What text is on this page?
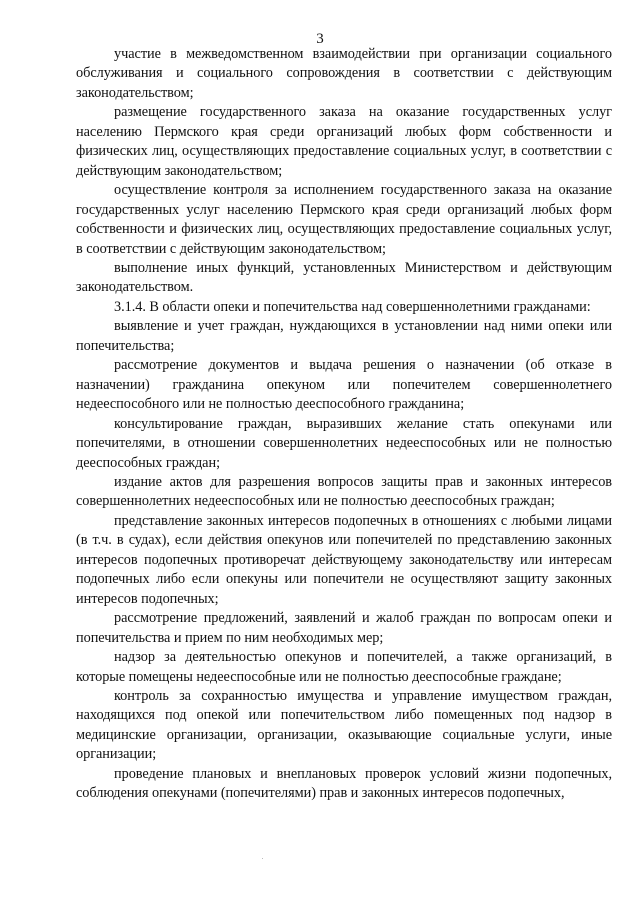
3

участие в межведомственном взаимодействии при организации социального обслуживания и социального сопровождения в соответствии с действующим законодательством;

размещение государственного заказа на оказание государственных услуг населению Пермского края среди организаций любых форм собственности и физических лиц, осуществляющих предоставление социальных услуг, в соответствии с действующим законодательством;

осуществление контроля за исполнением государственного заказа на оказание государственных услуг населению Пермского края среди организаций любых форм собственности и физических лиц, осуществляющих предоставление социальных услуг, в соответствии с действующим законодательством;

выполнение иных функций, установленных Министерством и действующим законодательством.

3.1.4. В области опеки и попечительства над совершеннолетними гражданами:

выявление и учет граждан, нуждающихся в установлении над ними опеки или попечительства;

рассмотрение документов и выдача решения о назначении (об отказе в назначении) гражданина опекуном или попечителем совершеннолетнего недееспособного или не полностью дееспособного гражданина;

консультирование граждан, выразивших желание стать опекунами или попечителями, в отношении совершеннолетних недееспособных или не полностью дееспособных граждан;

издание актов для разрешения вопросов защиты прав и законных интересов совершеннолетних недееспособных или не полностью дееспособных граждан;

представление законных интересов подопечных в отношениях с любыми лицами (в т.ч. в судах), если действия опекунов или попечителей по представлению законных интересов подопечных противоречат действующему законодательству или интересам подопечных либо если опекуны или попечители не осуществляют защиту законных интересов подопечных;

рассмотрение предложений, заявлений и жалоб граждан по вопросам опеки и попечительства и прием по ним необходимых мер;

надзор за деятельностью опекунов и попечителей, а также организаций, в которые помещены недееспособные или не полностью дееспособные граждане;

контроль за сохранностью имущества и управление имуществом граждан, находящихся под опекой или попечительством либо помещенных под надзор в медицинские организации, организации, оказывающие социальные услуги, иные организации;

проведение плановых и внеплановых проверок условий жизни подопечных, соблюдения опекунами (попечителями) прав и законных интересов подопечных,
